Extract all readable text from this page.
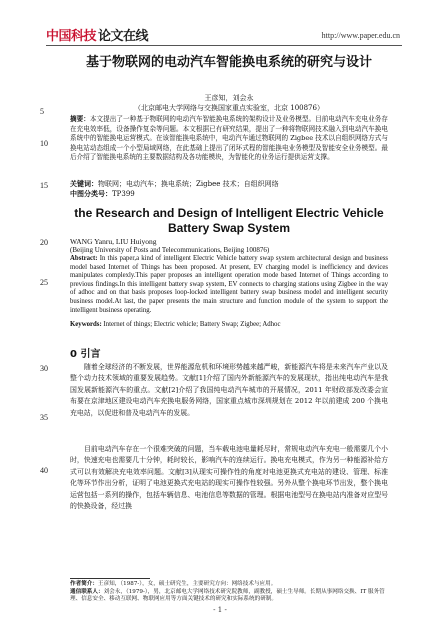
中国科技 论文在线	http://www.paper.edu.cn
基于物联网的电动汽车智能换电系统的研究与设计
王彦知，刘会永
（北京邮电大学网络与交换国家重点实验室，北京 100876）
5
摘要：本文提出了一种基于物联网的电动汽车智能换电系统的架构设计及业务模型。目前电动汽车充电业务存在充电效率低，设备操作复杂等问题。本文根据已有研究结果，提出了一种将物联网技术融入到电动汽车换电系统中的智能换电运营模式。在该智能换电系统中，电动汽车通过物联网的 Zigbee 技术以自组织网络方式与换电站动态组成一个小型局域网络，在此基础上提出了闭环式程的智能换电业务模型及智能安全业务模型。最后介绍了智能换电系统的主要数据结构及各功能模块，为智能化的业务运行提供运营支撑。
10
关键词：物联网；电动汽车；换电系统；Zigbee 技术；自组织网络
中图分类号：TP399
15
the Research and Design of Intelligent Electric Vehicle Battery Swap System
WANG Yanru, LIU Huiyong
(Beijing University of Posts and Telecommunications, Beijing 100876)
20
Abstract: In this paper,a kind of intelligent Electric Vehicle battery swap system architectural design and business model based Internet of Things has been proposed. At present, EV charging model is inefficiency and devices manipulates complexly.This paper proposes an intelligent operation mode based Internet of Things according to previous findings.In this intelligent battery swap system, EV connects to charging stations using Zigbee in the way of adhoc and on that basis proposes loop-locked intelligent battery swap business model and intelligent security business model.At last, the paper presents the main structure and function module of the system to support the intelligent business operating.
25
Keywords: Internet of things; Electric vehicle; Battery Swap; Zigbee; Adhoc
0 引言
30	随着全球经济的不断发展，世界能源危机和环境形势越来越严峻，新能源汽车将是未来汽车产业以及整个动力技术领域的重要发展趋势。文献[1]介绍了国内外新能源汽车的发展现状，指出纯电动汽车是我国发展新能源汽车的重点。文献[2]介绍了我国纯电动汽车城市的开展情况，2011 年财政部发改委会宣布要在京津地区建设电动汽车充换电服务网络，国家重点城市深圳规划在 2012 年以前建成 200 个换电充电站，以促进和普及电动汽车的发展。
35
目前电动汽车存在一个很难突破的问题，当车载电池电量耗尽时，常规电动汽车充电一般需要几个小时，快速充电也需要几十分钟，耗时较长，影响汽车的连续运行。换电充电模式，作为另一种能源补给方式可以有效解决充电效率问题。文献[3]从现实可操作性的角度对电池更换式充电站的建设、管理、标准化等环节作出分析，证明了电池更换式充电站的现实可操作性较强。另外从整个换电环节出发，整个换电运营包括一系列的操作，包括车辆信息、电池信息等数据的管理。根据电池型号在换电站内准备对应型号的快换设备，经过换
40
作者简介：王彦知，（1987-），女，硕士研究生，主要研究方向：网络技术与应用。
通信联系人：刘会永，（1979-），男，北京邮电大学网络技术研究院教师，副教授，硕士生导师。长期从事网络交换、IT 服务管理、信息安全、移动互联网、物联网应用等方面关键技术的研究和实际系统的研制。
- 1 -
